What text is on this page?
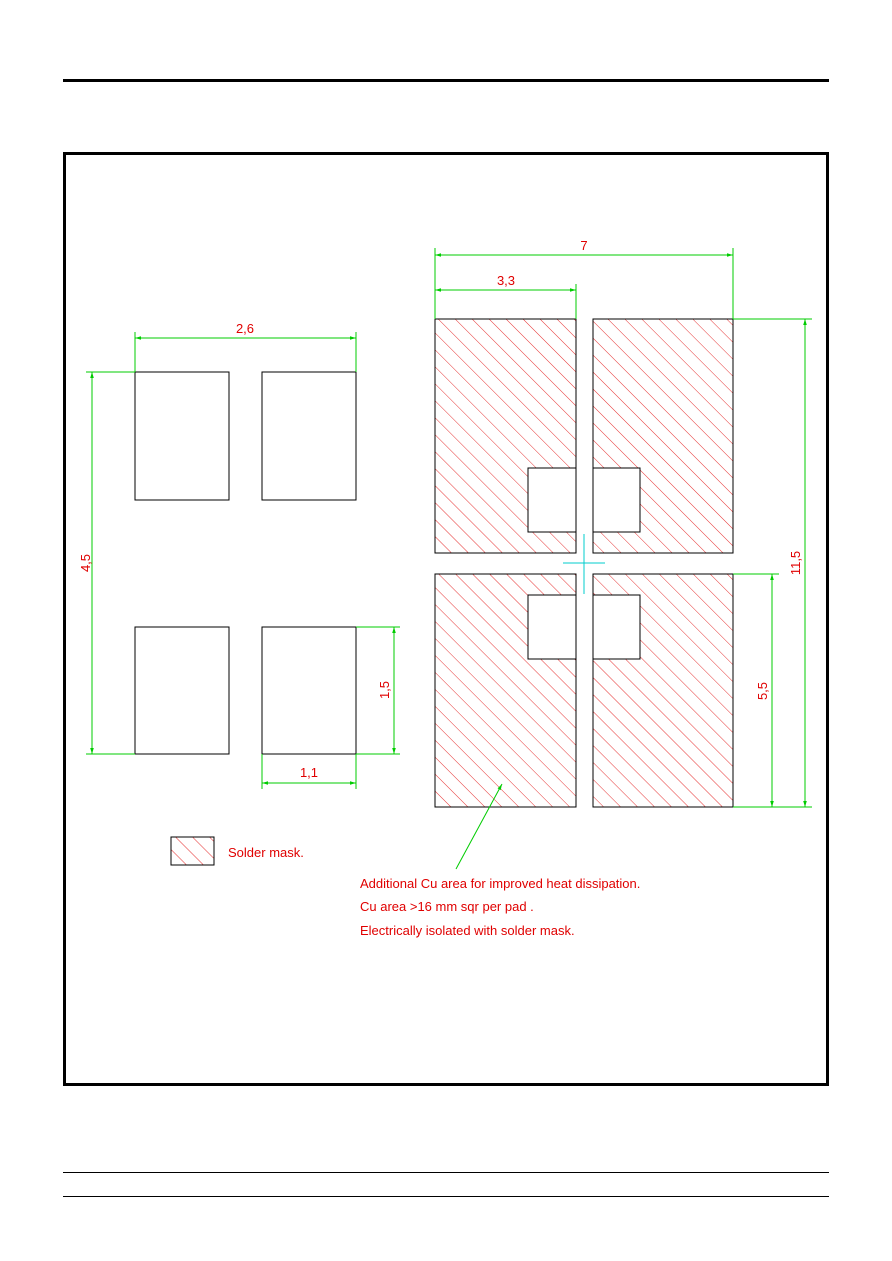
2,6
4,5
1,5
1,1
7
3,3
11,5
5,5
Solder mask.
Additional Cu area for improved heat dissipation.
Cu area >16 mm sqr per pad .
Electrically isolated with solder mask.
